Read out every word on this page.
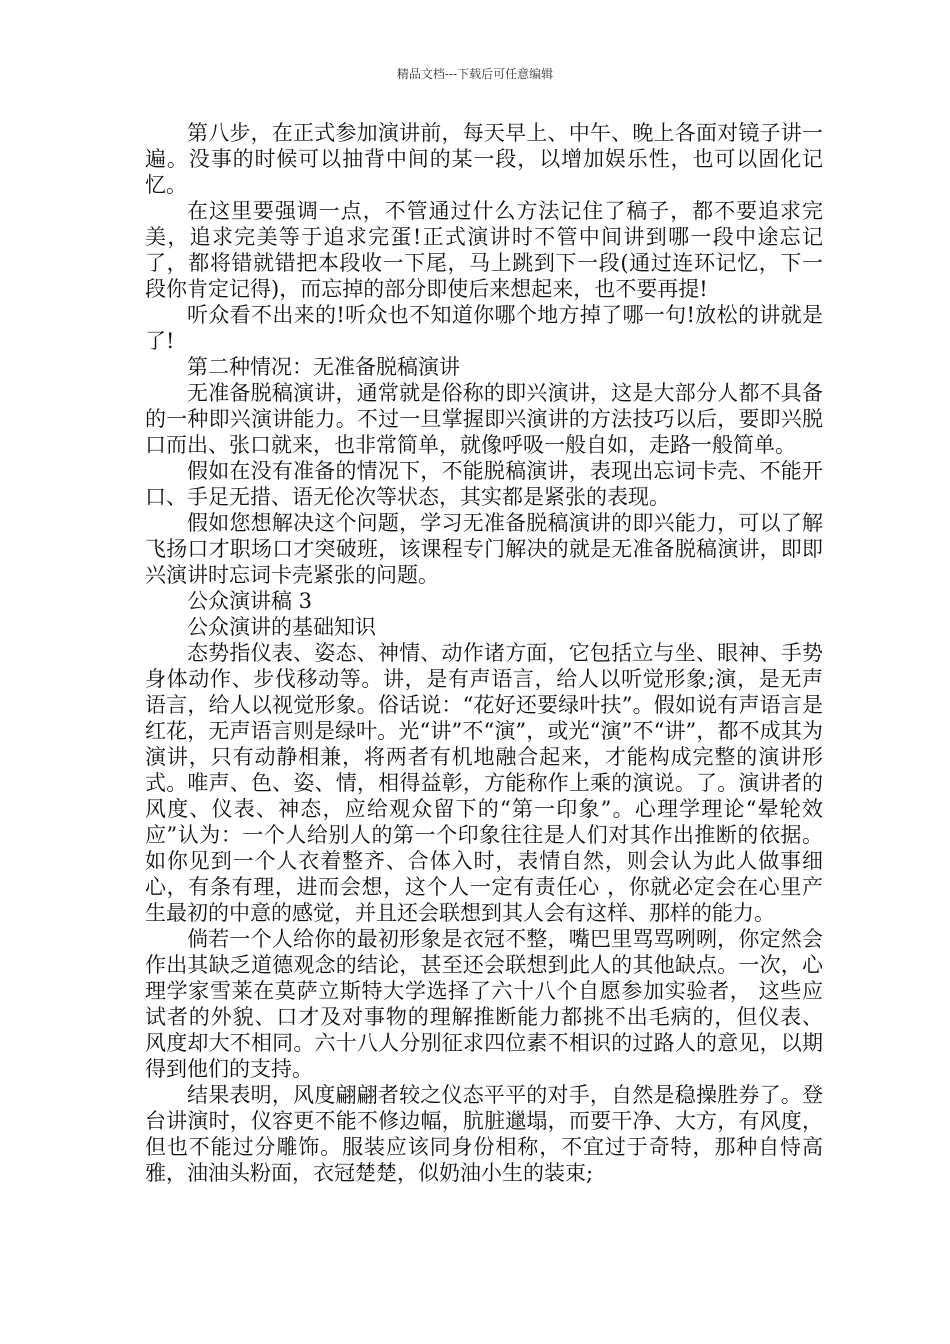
精品文档---下载后可任意编辑

第八步，在正式参加演讲前，每天早上、中午、晚上各面对镜子讲一遍。没事的时候可以抽背中间的某一段，以增加娱乐性，也可以固化记忆。

在这里要强调一点，不管通过什么方法记住了稿子，都不要追求完美，追求完美等于追求完蛋!正式演讲时不管中间讲到哪一段中途忘记了，都将错就错把本段收一下尾，马上跳到下一段(通过连环记忆，下一段你肯定记得)，而忘掉的部分即使后来想起来，也不要再提!

听众看不出来的!听众也不知道你哪个地方掉了哪一句!放松的讲就是了!

第二种情况：无准备脱稿演讲

无准备脱稿演讲，通常就是俗称的即兴演讲，这是大部分人都不具备的一种即兴演讲能力。不过一旦掌握即兴演讲的方法技巧以后，要即兴脱口而出、张口就来，也非常简单，就像呼吸一般自如，走路一般简单。

假如在没有准备的情况下，不能脱稿演讲，表现出忘词卡壳、不能开口、手足无措、语无伦次等状态，其实都是紧张的表现。

假如您想解决这个问题，学习无准备脱稿演讲的即兴能力，可以了解飞扬口才职场口才突破班，该课程专门解决的就是无准备脱稿演讲，即即兴演讲时忘词卡壳紧张的问题。

公众演讲稿 3

公众演讲的基础知识

态势指仪表、姿态、神情、动作诸方面，它包括立与坐、眼神、手势身体动作、步伐移动等。讲，是有声语言，给人以听觉形象;演，是无声语言，给人以视觉形象。俗话说：“花好还要绿叶扶”。假如说有声语言是红花，无声语言则是绿叶。光“讲”不“演”，或光“演”不“讲”，都不成其为演讲，只有动静相兼，将两者有机地融合起来，才能构成完整的演讲形式。唯声、色、姿、情，相得益彰，方能称作上乘的演说。了。演讲者的风度、仪表、神态，应给观众留下的“第一印象”。心理学理论“晕轮效应”认为：一个人给别人的第一个印象往往是人们对其作出推断的依据。如你见到一个人衣着整齐、合体入时，表情自然，则会认为此人做事细心，有条有理，进而会想，这个人一定有责任心 ，你就必定会在心里产生最初的中意的感觉，并且还会联想到其人会有这样、那样的能力。

倘若一个人给你的最初形象是衣冠不整，嘴巴里骂骂咧咧，你定然会作出其缺乏道德观念的结论，甚至还会联想到此人的其他缺点。一次，心理学家雪莱在莫萨立斯特大学选择了六十八个自愿参加实验者， 这些应试者的外貌、口才及对事物的理解推断能力都挑不出毛病的，但仪表、 风度却大不相同。六十八人分别征求四位素不相识的过路人的意见，以期得到他们的支持。

结果表明，风度翩翩者较之仪态平平的对手，自然是稳操胜券了。登台讲演时，仪容更不能不修边幅，肮脏邋塌，而要干净、大方，有风度，但也不能过分雕饰。服装应该同身份相称，不宜过于奇特，那种自恃高雅，油油头粉面，衣冠楚楚，似奶油小生的装束;
